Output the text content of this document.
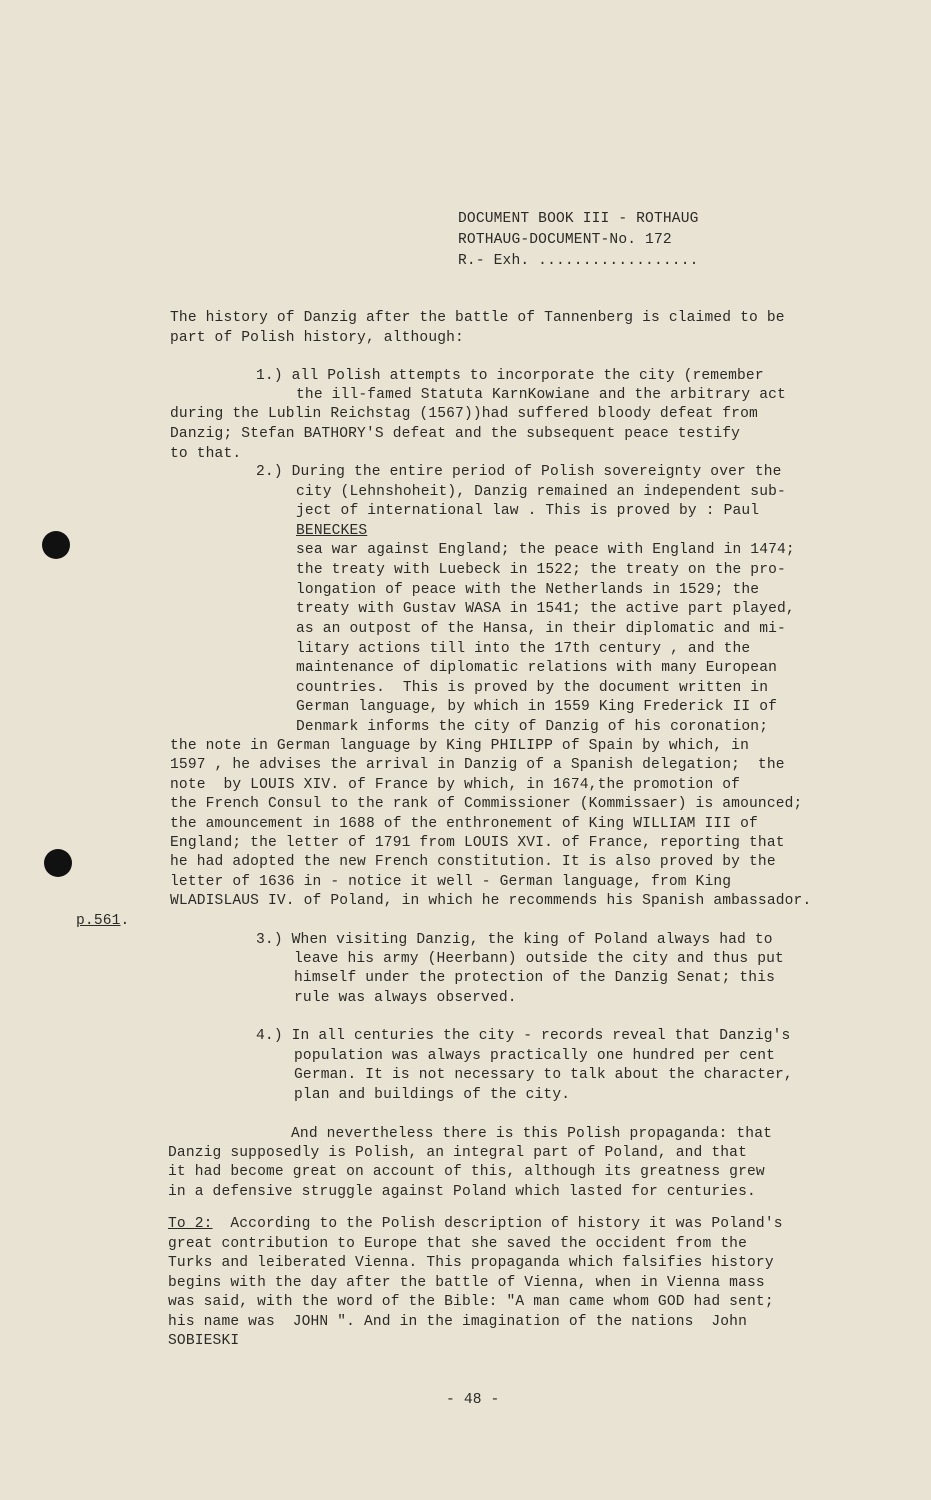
DOCUMENT BOOK III - ROTHAUG
ROTHAUG-DOCUMENT-No. 172
R.- Exh. ..................
The history of Danzig after the battle of Tannenberg is claimed to be
part of Polish history, although:
1.) all Polish attempts to incorporate the city (remember
the ill-famed Statuta KarnKowiane and the arbitrary act
during the Lublin Reichstag (1567))had suffered bloody defeat from
Danzig; Stefan BATHORY'S defeat and the subsequent peace testify
to that.
2.) During the entire period of Polish sovereignty over the
city (Lehnshoheit), Danzig remained an independent sub-
ject of international law . This is proved by : Paul
BENECKES
sea war against England; the peace with England in 1474;
the treaty with Luebeck in 1522; the treaty on the pro-
longation of peace with the Netherlands in 1529; the
treaty with Gustav WASA in 1541; the active part played,
as an outpost of the Hansa, in their diplomatic and mi-
litary actions till into the 17th century , and the
maintenance of diplomatic relations with many European
countries.  This is proved by the document written in
German language, by which in 1559 King Frederick II of
Denmark informs the city of Danzig of his coronation;
the note in German language by King PHILIPP of Spain by which, in
1597 , he advises the arrival in Danzig of a Spanish delegation;  the
note  by LOUIS XIV. of France by which, in 1674,the promotion of
the French Consul to the rank of Commissioner (Kommissaer) is amounced;
the amouncement in 1688 of the enthronement of King WILLIAM III of
England; the letter of 1791 from LOUIS XVI. of France, reporting that
he had adopted the new French constitution. It is also proved by the
letter of 1636 in - notice it well - German language, from King
WLADISLAUS IV. of Poland, in which he recommends his Spanish ambassador.
p.561.
3.) When visiting Danzig, the king of Poland always had to
leave his army (Heerbann) outside the city and thus put
himself under the protection of the Danzig Senat; this
rule was always observed.
4.) In all centuries the city - records reveal that Danzig's
population was always practically one hundred per cent
German. It is not necessary to talk about the character,
plan and buildings of the city.
And nevertheless there is this Polish propaganda: that
Danzig supposedly is Polish, an integral part of Poland, and that
it had become great on account of this, although its greatness grew
in a defensive struggle against Poland which lasted for centuries.
To 2:  According to the Polish description of history it was Poland's
great contribution to Europe that she saved the occident from the
Turks and leiberated Vienna. This propaganda which falsifies history
begins with the day after the battle of Vienna, when in Vienna mass
was said, with the word of the Bible: "A man came whom GOD had sent;
his name was  JOHN ". And in the imagination of the nations  John
SOBIESKI
- 48 -
